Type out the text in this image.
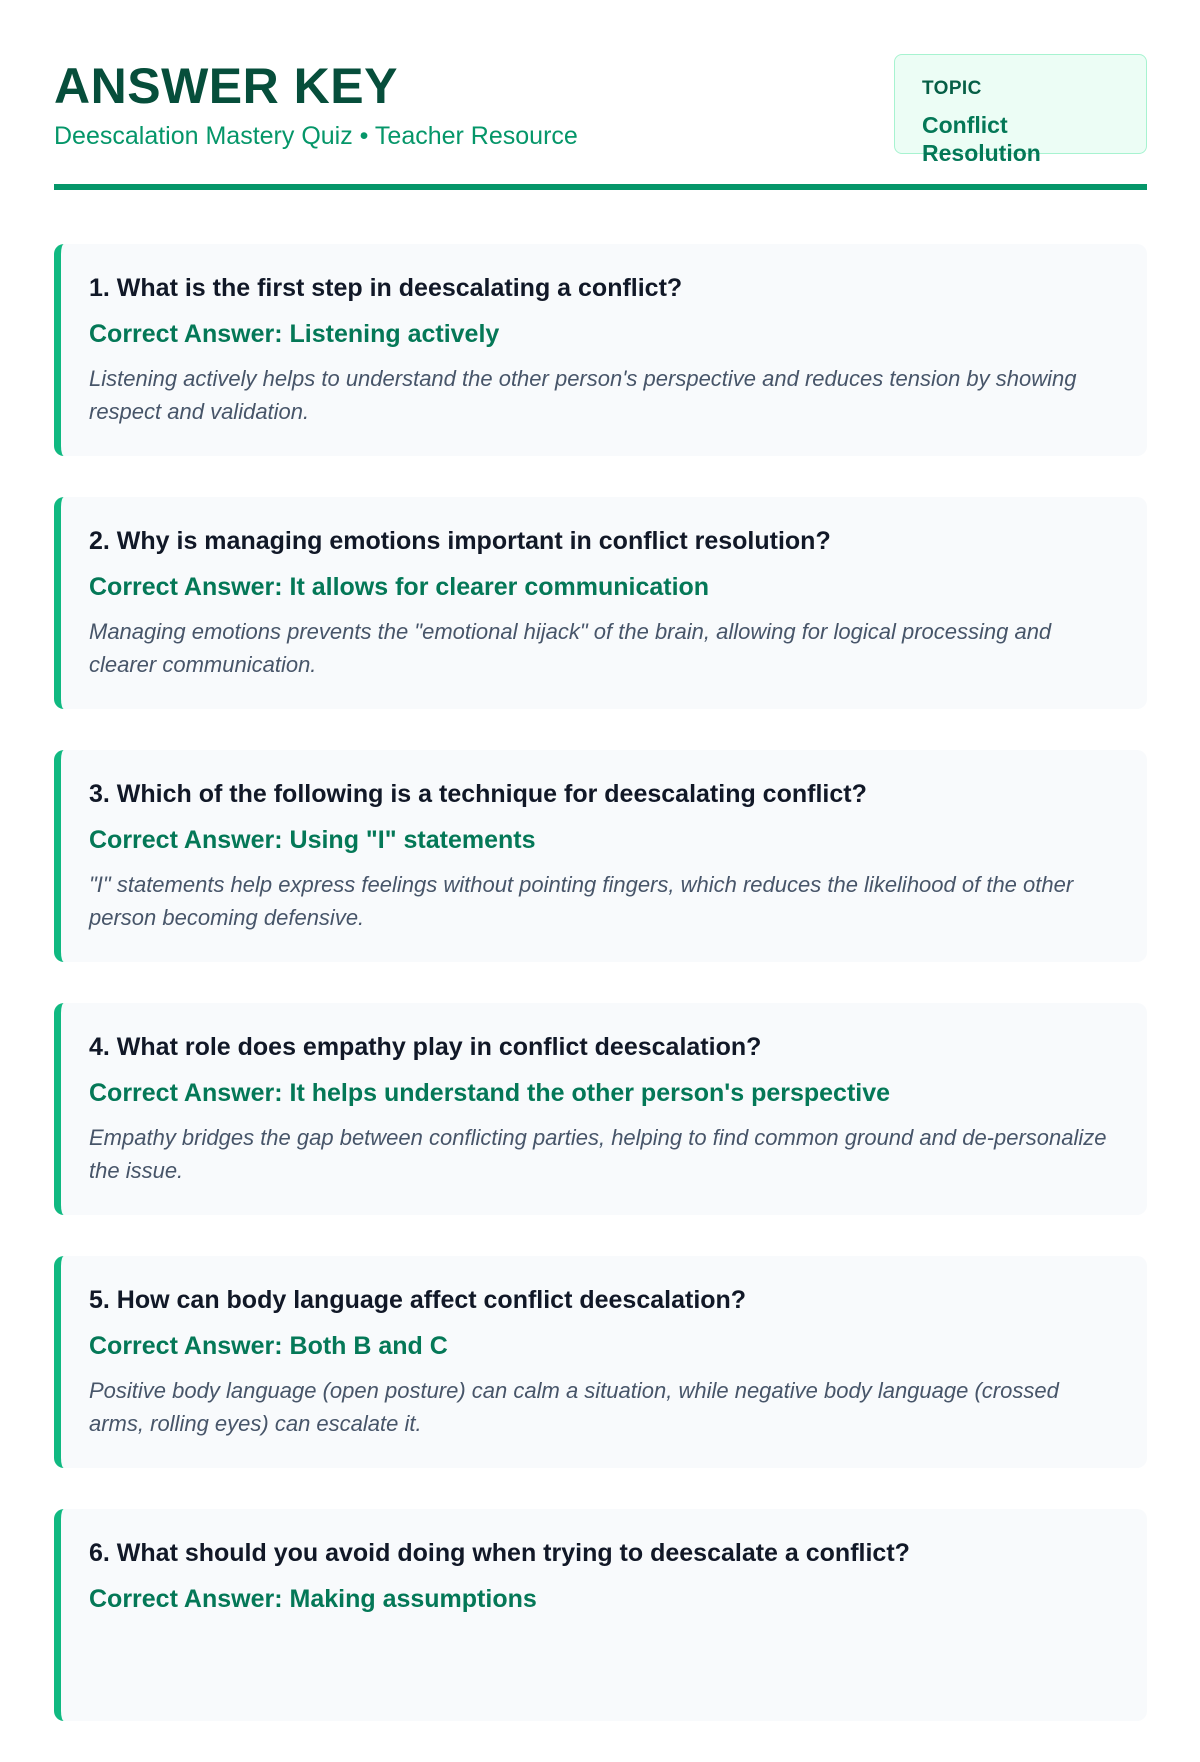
ANSWER KEY
Deescalation Mastery Quiz • Teacher Resource
TOPIC
Conflict Resolution

1. What is the first step in deescalating a conflict?

Correct Answer: Listening actively

Listening actively helps to understand the other person's perspective and reduces tension by showing respect and validation.

2. Why is managing emotions important in conflict resolution?

Correct Answer: It allows for clearer communication

Managing emotions prevents the "emotional hijack" of the brain, allowing for logical processing and clearer communication.

3. Which of the following is a technique for deescalating conflict?

Correct Answer: Using "I" statements

"I" statements help express feelings without pointing fingers, which reduces the likelihood of the other person becoming defensive.

4. What role does empathy play in conflict deescalation?

Correct Answer: It helps understand the other person's perspective

Empathy bridges the gap between conflicting parties, helping to find common ground and de-personalize the issue.

5. How can body language affect conflict deescalation?

Correct Answer: Both B and C

Positive body language (open posture) can calm a situation, while negative body language (crossed arms, rolling eyes) can escalate it.

6. What should you avoid doing when trying to deescalate a conflict?

Correct Answer: Making assumptions
